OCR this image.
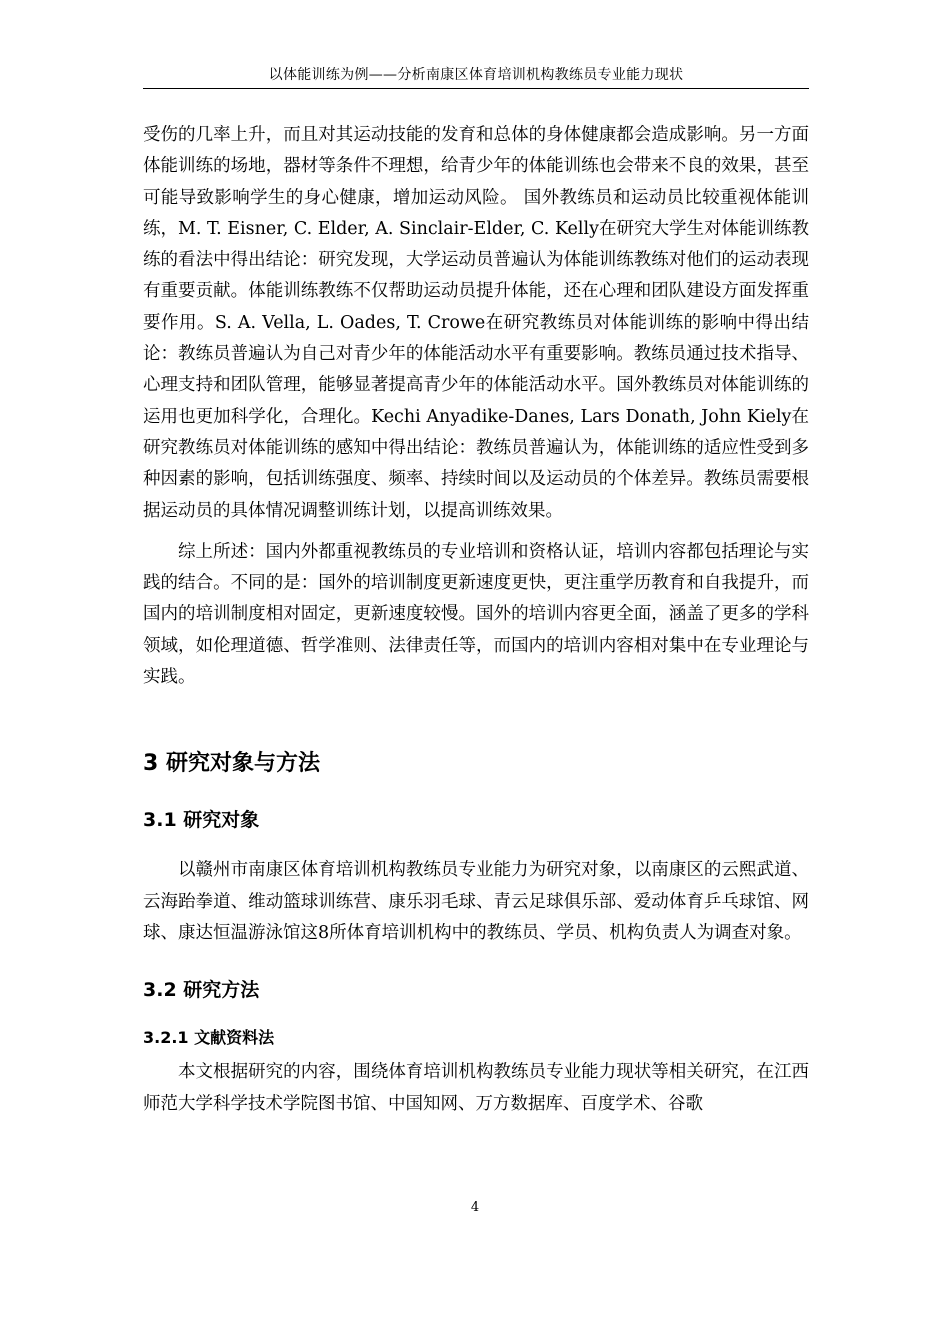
以体能训练为例——分析南康区体育培训机构教练员专业能力现状

受伤的几率上升，而且对其运动技能的发育和总体的身体健康都会造成影响。另一方面体能训练的场地，器材等条件不理想，给青少年的体能训练也会带来不良的效果，甚至可能导致影响学生的身心健康，增加运动风险。 国外教练员和运动员比较重视体能训练，M. T. Eisner, C. Elder, A. Sinclair-Elder, C. Kelly在研究大学生对体能训练教练的看法中得出结论：研究发现，大学运动员普遍认为体能训练教练对他们的运动表现有重要贡献。体能训练教练不仅帮助运动员提升体能，还在心理和团队建设方面发挥重要作用。S. A. Vella, L. Oades, T. Crowe在研究教练员对体能训练的影响中得出结论：教练员普遍认为自己对青少年的体能活动水平有重要影响。教练员通过技术指导、心理支持和团队管理，能够显著提高青少年的体能活动水平。国外教练员对体能训练的运用也更加科学化，合理化。Kechi Anyadike-Danes, Lars Donath, John Kiely在研究教练员对体能训练的感知中得出结论：教练员普遍认为，体能训练的适应性受到多种因素的影响，包括训练强度、频率、持续时间以及运动员的个体差异。教练员需要根据运动员的具体情况调整训练计划，以提高训练效果。

综上所述：国内外都重视教练员的专业培训和资格认证，培训内容都包括理论与实践的结合。不同的是：国外的培训制度更新速度更快，更注重学历教育和自我提升，而国内的培训制度相对固定，更新速度较慢。国外的培训内容更全面，涵盖了更多的学科领域，如伦理道德、哲学准则、法律责任等，而国内的培训内容相对集中在专业理论与实践。

3 研究对象与方法
3.1 研究对象

以赣州市南康区体育培训机构教练员专业能力为研究对象，以南康区的云熙武道、云海跆拳道、维动篮球训练营、康乐羽毛球、青云足球俱乐部、爱动体育乒乓球馆、网球、康达恒温游泳馆这8所体育培训机构中的教练员、学员、机构负责人为调查对象。

3.2 研究方法
3.2.1 文献资料法

本文根据研究的内容，围绕体育培训机构教练员专业能力现状等相关研究，在江西师范大学科学技术学院图书馆、中国知网、万方数据库、百度学术、谷歌

4
